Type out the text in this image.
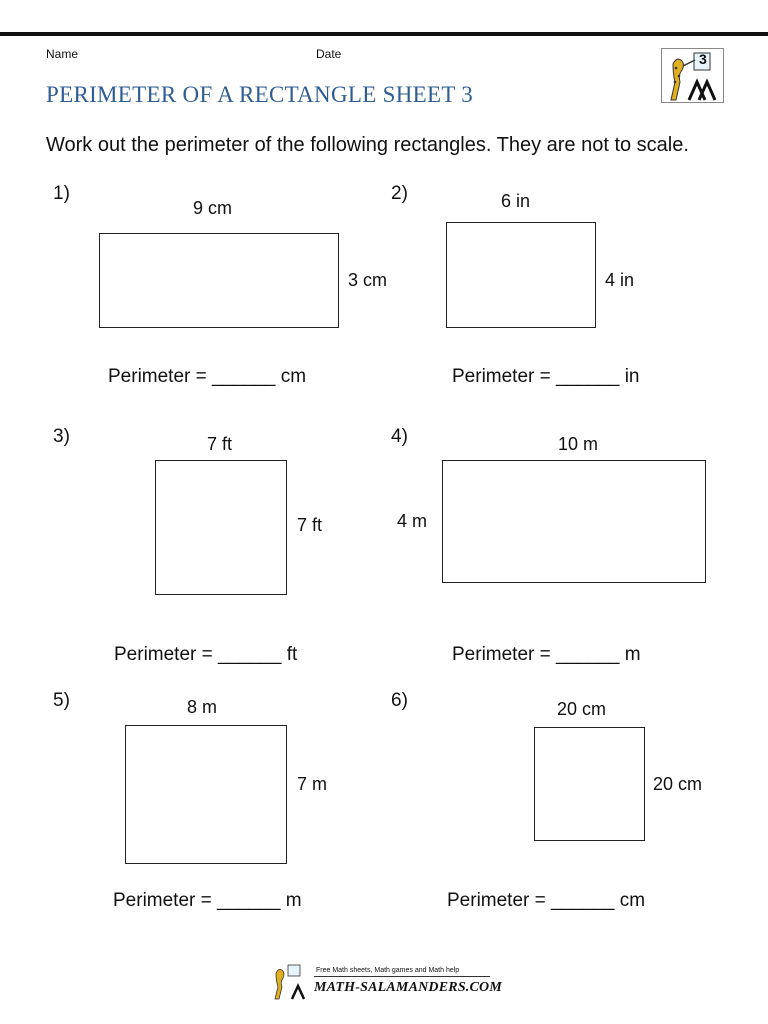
Name	Date	3
PERIMETER OF A RECTANGLE SHEET 3
Work out the perimeter of the following rectangles. They are not to scale.
1)
9 cm
3 cm
Perimeter = ______ cm
2)	6 in
4 in
Perimeter = ______ in
3)	7 ft
7 ft
Perimeter = ______ ft
4)	10 m
4 m
Perimeter = ______ m
5)	8 m
7 m
Perimeter = ______ m
6)	20 cm
20 cm
Perimeter = ______ cm
Free Math sheets, Math games and Math help
MATH-SALAMANDERS.COM
